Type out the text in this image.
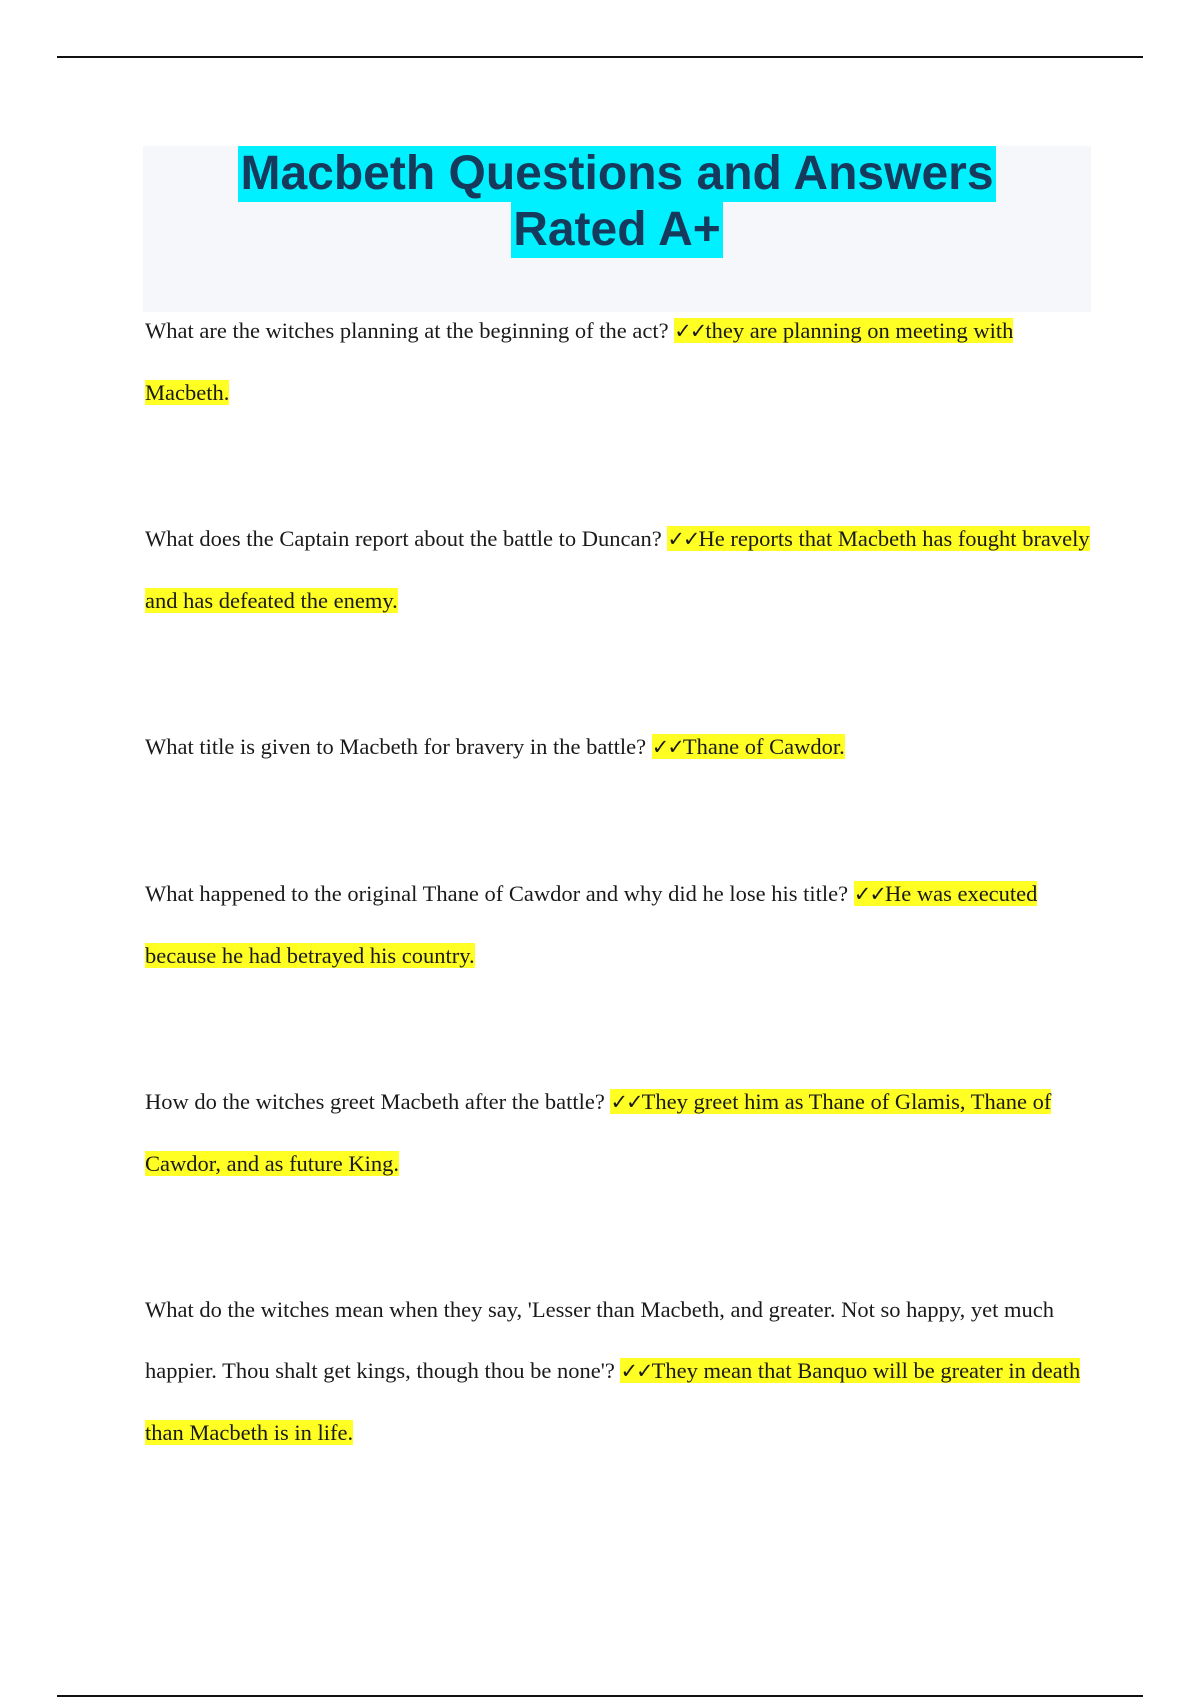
Macbeth Questions and Answers
Rated A+

What are the witches planning at the beginning of the act? ✓✓they are planning on meeting with Macbeth.

What does the Captain report about the battle to Duncan? ✓✓He reports that Macbeth has fought bravely and has defeated the enemy.

What title is given to Macbeth for bravery in the battle? ✓✓Thane of Cawdor.

What happened to the original Thane of Cawdor and why did he lose his title? ✓✓He was executed because he had betrayed his country.

How do the witches greet Macbeth after the battle? ✓✓They greet him as Thane of Glamis, Thane of Cawdor, and as future King.

What do the witches mean when they say, 'Lesser than Macbeth, and greater. Not so happy, yet much happier. Thou shalt get kings, though thou be none'? ✓✓They mean that Banquo will be greater in death than Macbeth is in life.
